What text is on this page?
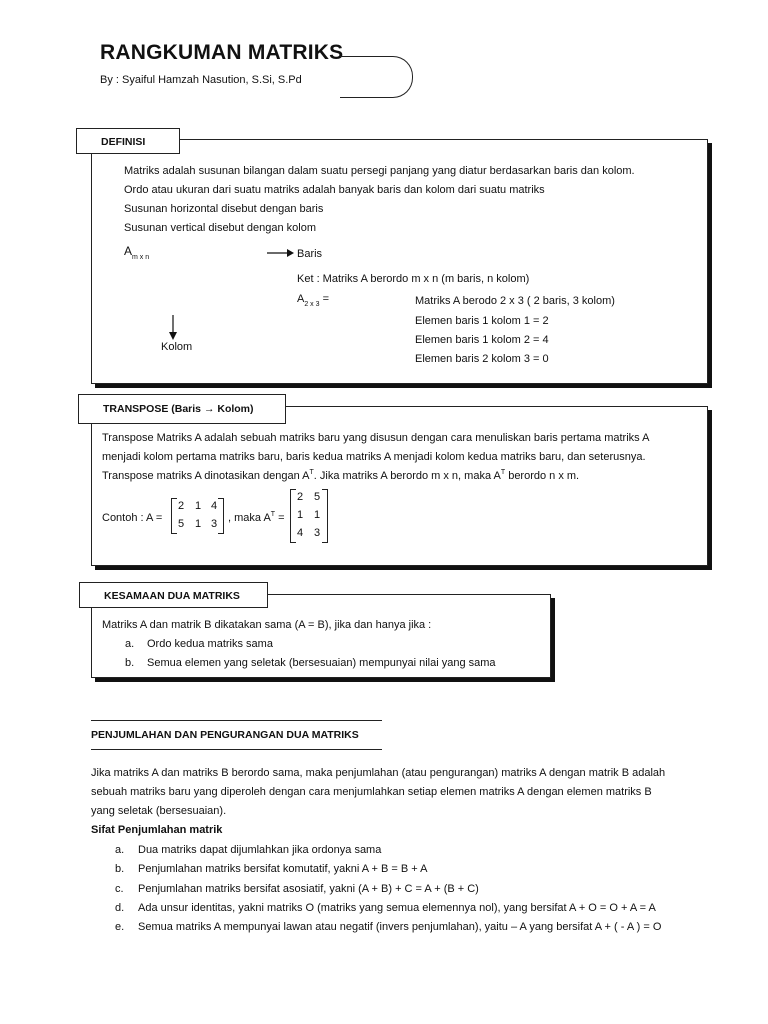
RANGKUMAN MATRIKS
By : Syaiful Hamzah Nasution, S.Si, S.Pd
DEFINISI
Matriks adalah susunan bilangan dalam suatu persegi panjang yang diatur berdasarkan baris dan kolom.
Ordo atau ukuran dari suatu matriks adalah banyak baris dan kolom dari suatu matriks
Susunan horizontal disebut dengan baris
Susunan vertical disebut dengan kolom
$A_{m x n}$	Baris
Ket : Matriks A berordo m x n (m baris, n kolom)
$A_{2 x 3}$ =	Matriks A berodo 2 x 3 ( 2 baris, 3 kolom)
Elemen baris 1 kolom 1 = 2
Elemen baris 1 kolom 2 = 4
Elemen baris 2 kolom 3 = 0
Kolom
TRANSPOSE (Baris → Kolom)
Transpose Matriks A adalah sebuah matriks baru yang disusun dengan cara menuliskan baris pertama matriks A
menjadi kolom pertama matriks baru, baris kedua matriks A menjadi kolom kedua matriks baru, dan seterusnya.
Transpose matriks A dinotasikan dengan $A^T$. Jika matriks A berordo m x n, maka $A^T$ berordo n x m.
Contoh : A =
2 1 4
5 1 3 , maka $A^T$ =
2 5
1 1
4 3
KESAMAAN DUA MATRIKS
Matriks A dan matrik B dikatakan sama (A = B), jika dan hanya jika :
a. Ordo kedua matriks sama
b. Semua elemen yang seletak (bersesuaian) mempunyai nilai yang sama
PENJUMLAHAN DAN PENGURANGAN DUA MATRIKS
Jika matriks A dan matriks B berordo sama, maka penjumlahan (atau pengurangan) matriks A dengan matrik B adalah
sebuah matriks baru yang diperoleh dengan cara menjumlahkan setiap elemen matriks A dengan elemen matriks B
yang seletak (bersesuaian).
Sifat Penjumlahan matrik
a. Dua matriks dapat dijumlahkan jika ordonya sama
b. Penjumlahan matriks bersifat komutatif, yakni A + B = B + A
c. Penjumlahan matriks bersifat asosiatif, yakni (A + B) + C = A + (B + C)
d. Ada unsur identitas, yakni matriks O (matriks yang semua elemennya nol), yang bersifat A + O = O + A = A
e. Semua matriks A mempunyai lawan atau negatif (invers penjumlahan), yaitu – A yang bersifat A + ( - A ) = O
